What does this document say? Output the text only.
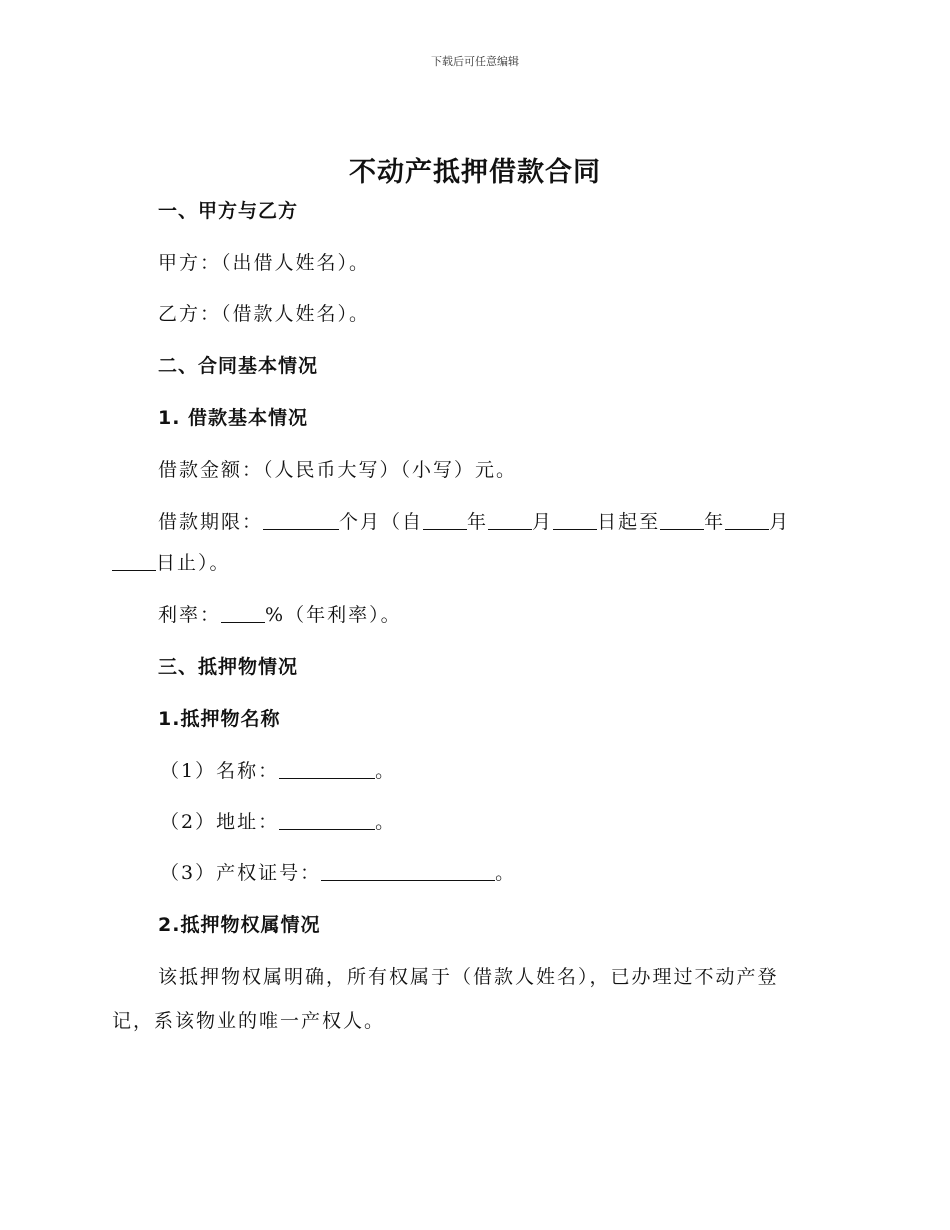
下载后可任意编辑
不动产抵押借款合同
一、甲方与乙方
甲方：（出借人姓名）。
乙方：（借款人姓名）。
二、合同基本情况
1. 借款基本情况
借款金额：（人民币大写）（小写）元。
借款期限：	个月（自 年 月 日起至 年 月
日止）。
利率： %（年利率）。
三、抵押物情况
1.抵押物名称
（1）名称：	。
（2）地址：	。
（3）产权证号：	。
2.抵押物权属情况
该抵押物权属明确，所有权属于（借款人姓名），已办理过不动产登
记，系该物业的唯一产权人。
